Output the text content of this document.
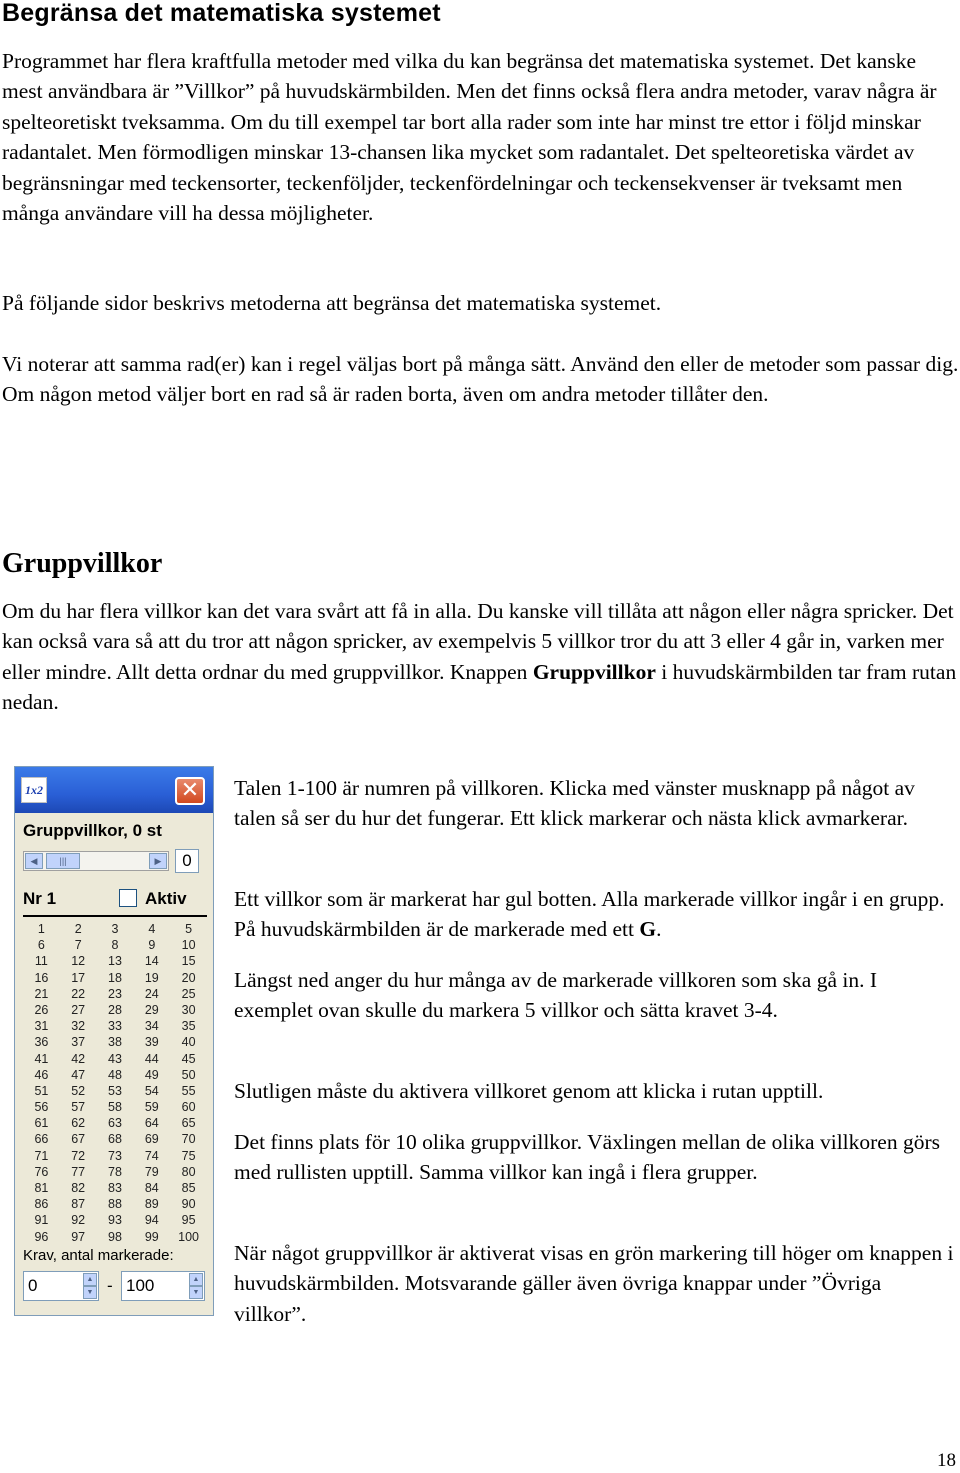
Begränsa det matematiska systemet

Programmet har flera kraftfulla metoder med vilka du kan begränsa det matematiska systemet. Det kanske mest användbara är ”Villkor” på huvudskärmbilden. Men det finns också flera andra metoder, varav några är spelteoretiskt tveksamma. Om du till exempel tar bort alla rader som inte har minst tre ettor i följd minskar radantalet. Men förmodligen minskar 13-chansen lika mycket som radantalet. Det spelteoretiska värdet av begränsningar med teckensorter, teckenföljder, teckenfördelningar och teckensekvenser är tveksamt men många användare vill ha dessa möjligheter.

På följande sidor beskrivs metoderna att begränsa det matematiska systemet.

Vi noterar att samma rad(er) kan i regel väljas bort på många sätt. Använd den eller de metoder som passar dig. Om någon metod väljer bort en rad så är raden borta, även om andra metoder tillåter den.

Gruppvillkor

Om du har flera villkor kan det vara svårt att få in alla. Du kanske vill tillåta att någon eller några spricker. Det kan också vara så att du tror att någon spricker, av exempelvis 5 villkor tror du att 3 eller 4 går in, varken mer eller mindre. Allt detta ordnar du med gruppvillkor. Knappen Gruppvillkor i huvudskärmbilden tar fram rutan nedan.

1x2	✕
Gruppvillkor, 0 st
◀	|||	▶	0
Nr 1	Aktiv
1	2	3	4	5
6	7	8	9	10
11	12	13	14	15
16	17	18	19	20
21	22	23	24	25
26	27	28	29	30
31	32	33	34	35
36	37	38	39	40
41	42	43	44	45
46	47	48	49	50
51	52	53	54	55
56	57	58	59	60
61	62	63	64	65
66	67	68	69	70
71	72	73	74	75
76	77	78	79	80
81	82	83	84	85
86	87	88	89	90
91	92	93	94	95
96	97	98	99	100
Krav, antal markerade:
0	▲
▼ - 100	▲
▼

Talen 1-100 är numren på villkoren. Klicka med vänster musknapp på något av talen så ser du hur det fungerar. Ett klick markerar och nästa klick avmarkerar.

Ett villkor som är markerat har gul botten. Alla markerade villkor ingår i en grupp. På huvudskärmbilden är de markerade med ett G.

Längst ned anger du hur många av de markerade villkoren som ska gå in. I exemplet ovan skulle du markera 5 villkor och sätta kravet 3-4.

Slutligen måste du aktivera villkoret genom att klicka i rutan upptill.

Det finns plats för 10 olika gruppvillkor. Växlingen mellan de olika villkoren görs med rullisten upptill. Samma villkor kan ingå i flera grupper.

När något gruppvillkor är aktiverat visas en grön markering till höger om knappen i huvudskärmbilden. Motsvarande gäller även övriga knappar under ”Övriga villkor”.

18
